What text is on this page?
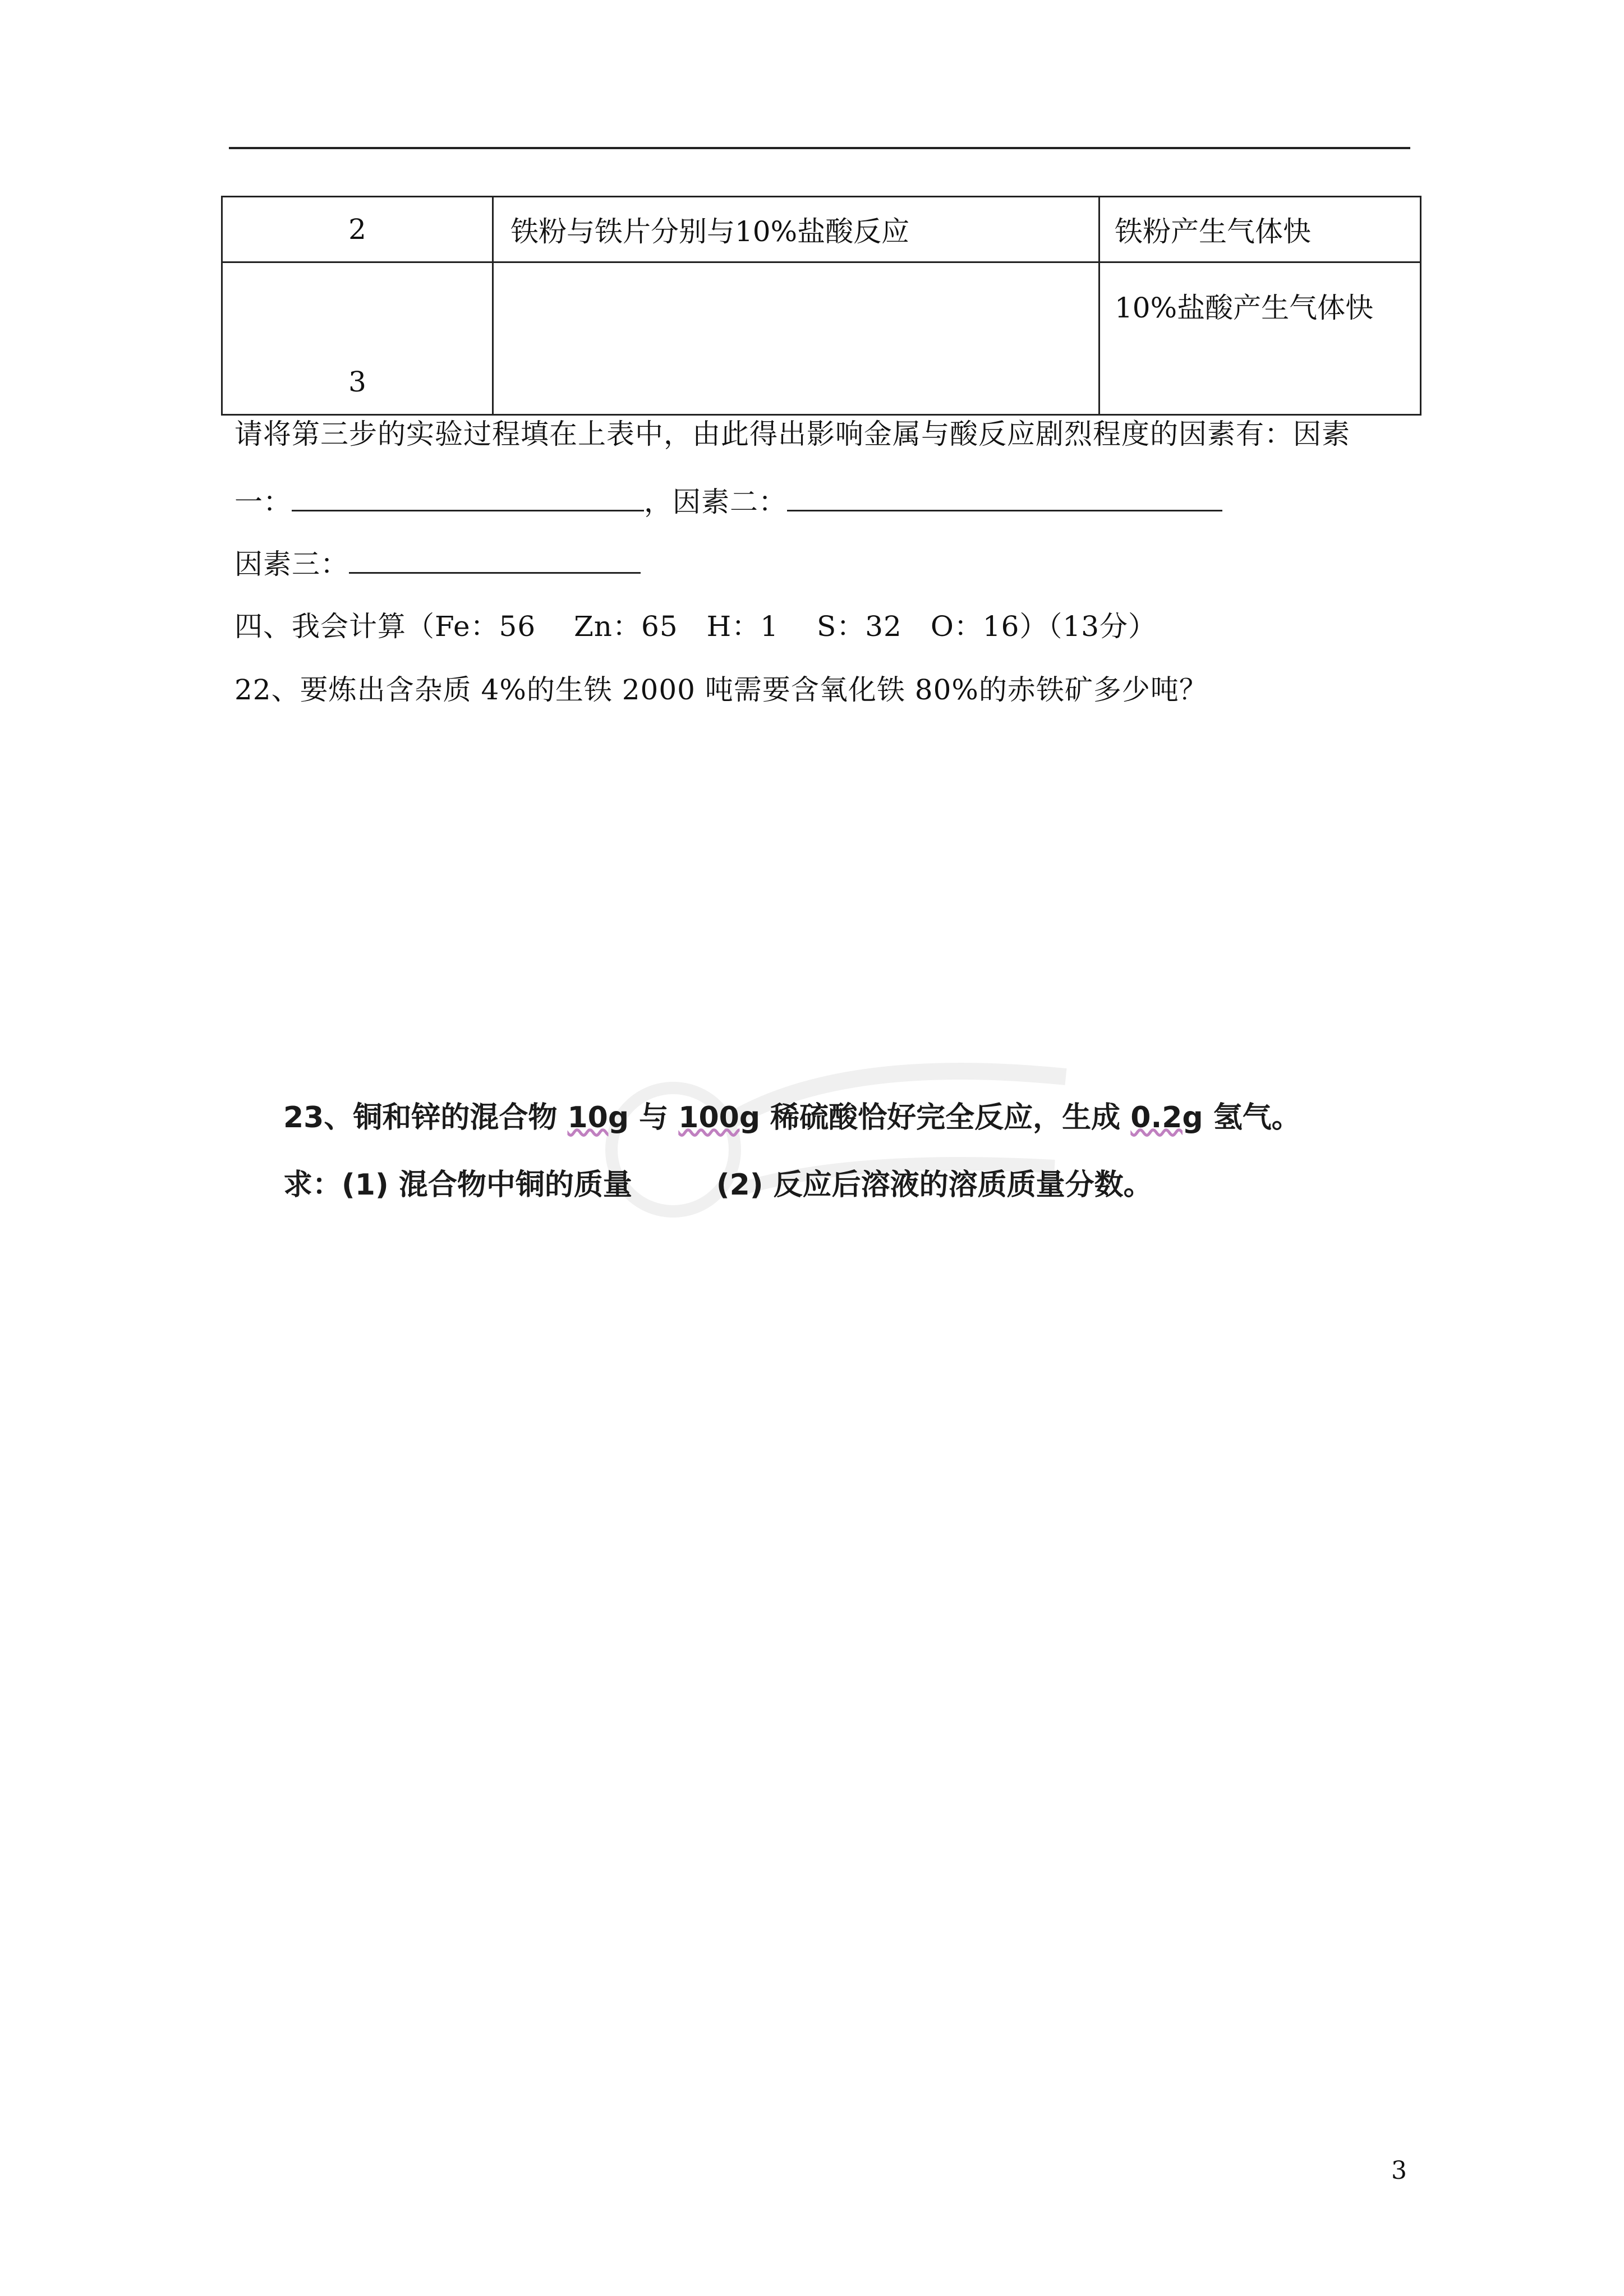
2	铁粉与铁片分别与10%盐酸反应	铁粉产生气体快
3		10%盐酸产生气体快
请将第三步的实验过程填在上表中，由此得出影响金属与酸反应剧烈程度的因素有：因素
一：	，因素二：
因素三：
四、我会计算（Fe：56　 Zn：65　H：1　 S：32　O：16）（13分）
22、要炼出含杂质 4%的生铁 2000 吨需要含氧化铁 80%的赤铁矿多少吨？
23、铜和锌的混合物 10g 与 100g 稀硫酸恰好完全反应，生成 0.2g 氢气。
求：(1) 混合物中铜的质量	(2) 反应后溶液的溶质质量分数。
3
